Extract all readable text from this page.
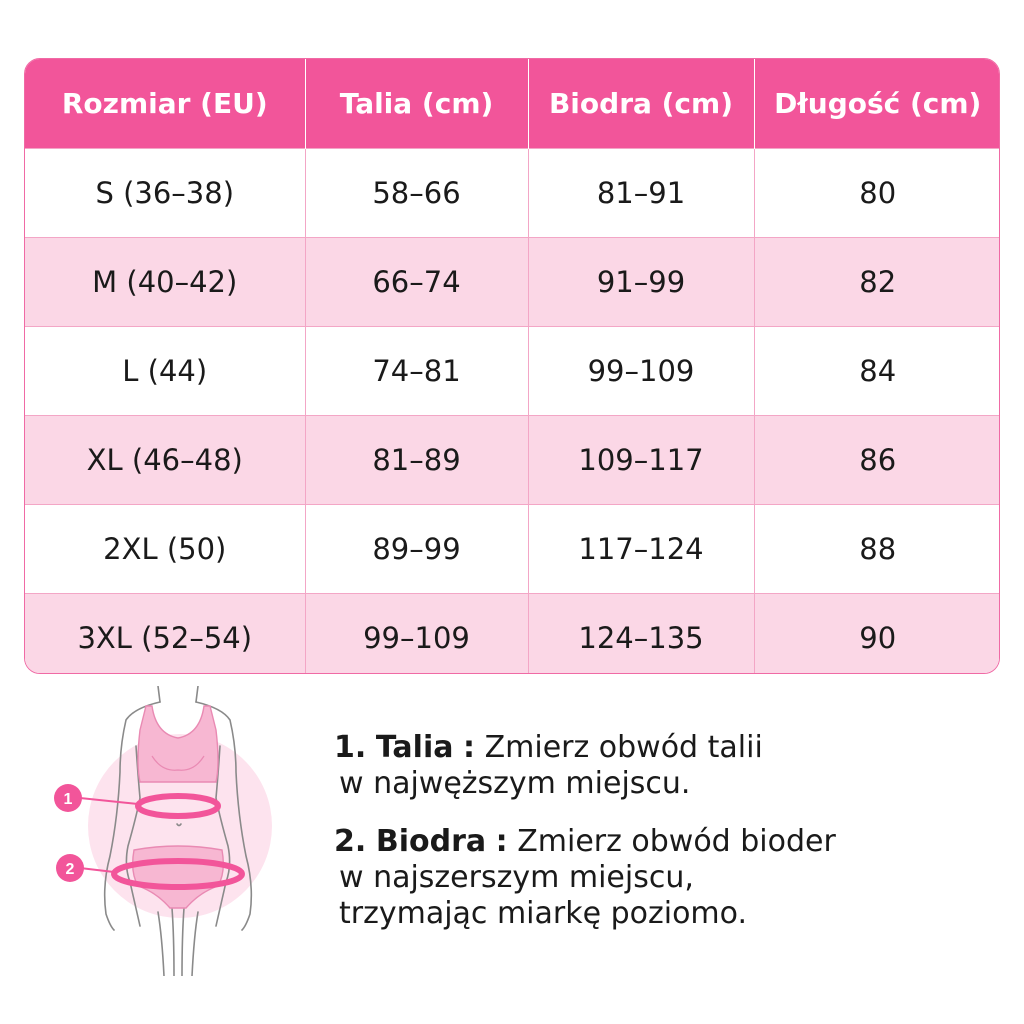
Rozmiar (EU)	Talia (cm)	Biodra (cm)	Długość (cm)
S (36–38)	58–66	81–91	80
M (40–42)	66–74	91–99	82
L (44)	74–81	99–109	84
XL (46–48)	81–89	109–117	86
2XL (50)	89–99	117–124	88
3XL (52–54)	99–109	124–135	90
1
2
1. Talia : Zmierz obwód talii
w najwęższym miejscu.
2. Biodra : Zmierz obwód bioder
w najszerszym miejscu,
trzymając miarkę poziomo.
